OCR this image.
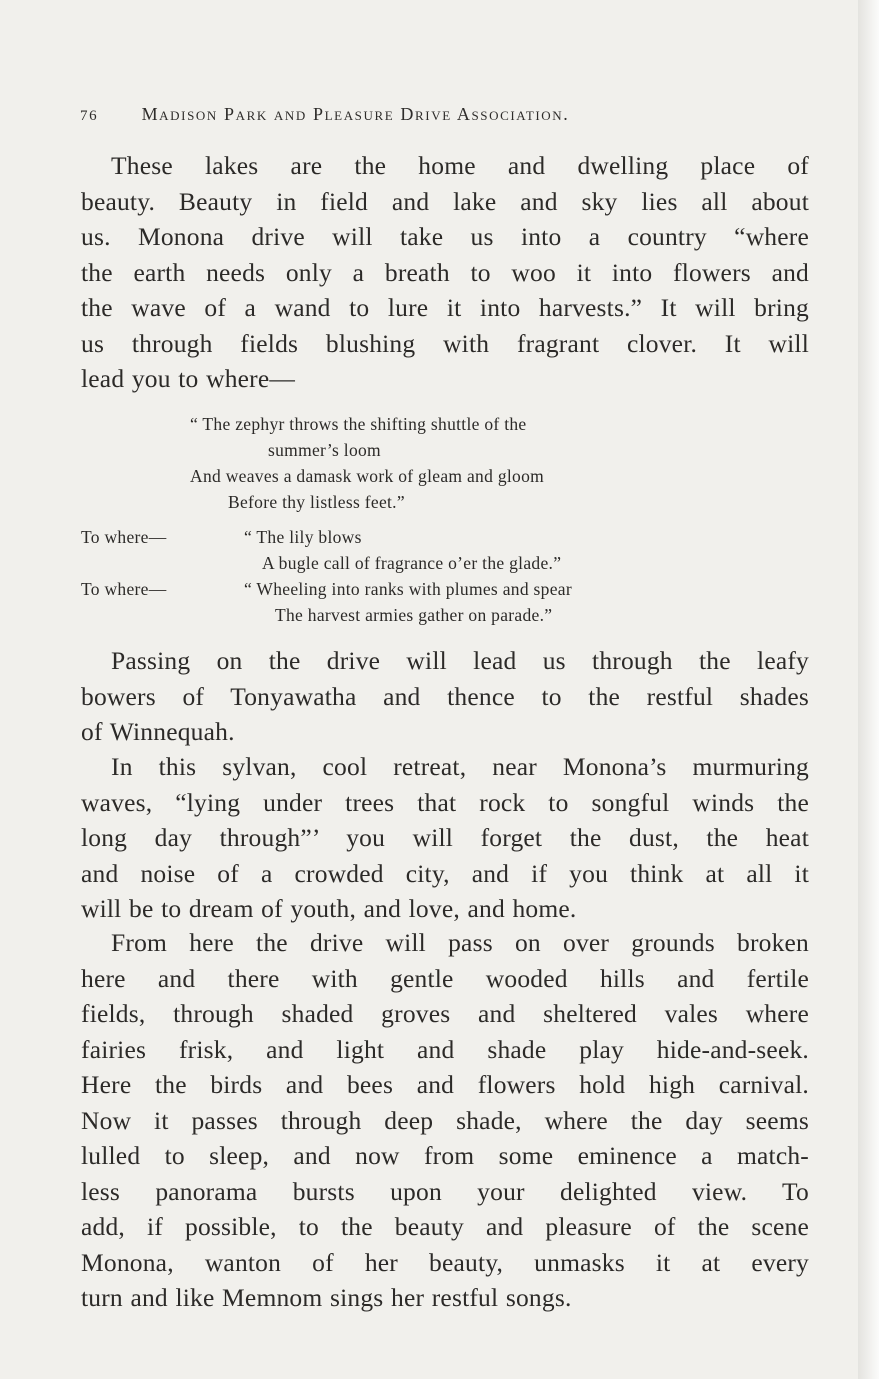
76 Madison Park and Pleasure Drive Association.
These lakes are the home and dwelling place of
beauty. Beauty in field and lake and sky lies all about
us. Monona drive will take us into a country “where
the earth needs only a breath to woo it into flowers and
the wave of a wand to lure it into harvests.” It will bring
us through fields blushing with fragrant clover. It will
lead you to where—
“ The zephyr throws the shifting shuttle of the
summer’s loom
And weaves a damask work of gleam and gloom
Before thy listless feet.”
To where—	“ The lily blows
A bugle call of fragrance o’er the glade.”
To where—	“ Wheeling into ranks with plumes and spear
The harvest armies gather on parade.”
Passing on the drive will lead us through the leafy
bowers of Tonyawatha and thence to the restful shades
of Winnequah.
In this sylvan, cool retreat, near Monona’s murmuring
waves, “lying under trees that rock to songful winds the
long day through”’ you will forget the dust, the heat
and noise of a crowded city, and if you think at all it
will be to dream of youth, and love, and home.
From here the drive will pass on over grounds broken
here and there with gentle wooded hills and fertile
fields, through shaded groves and sheltered vales where
fairies frisk, and light and shade play hide-and-seek.
Here the birds and bees and flowers hold high carnival.
Now it passes through deep shade, where the day seems
lulled to sleep, and now from some eminence a match-
less panorama bursts upon your delighted view. To
add, if possible, to the beauty and pleasure of the scene
Monona, wanton of her beauty, unmasks it at every
turn and like Memnom sings her restful songs.
